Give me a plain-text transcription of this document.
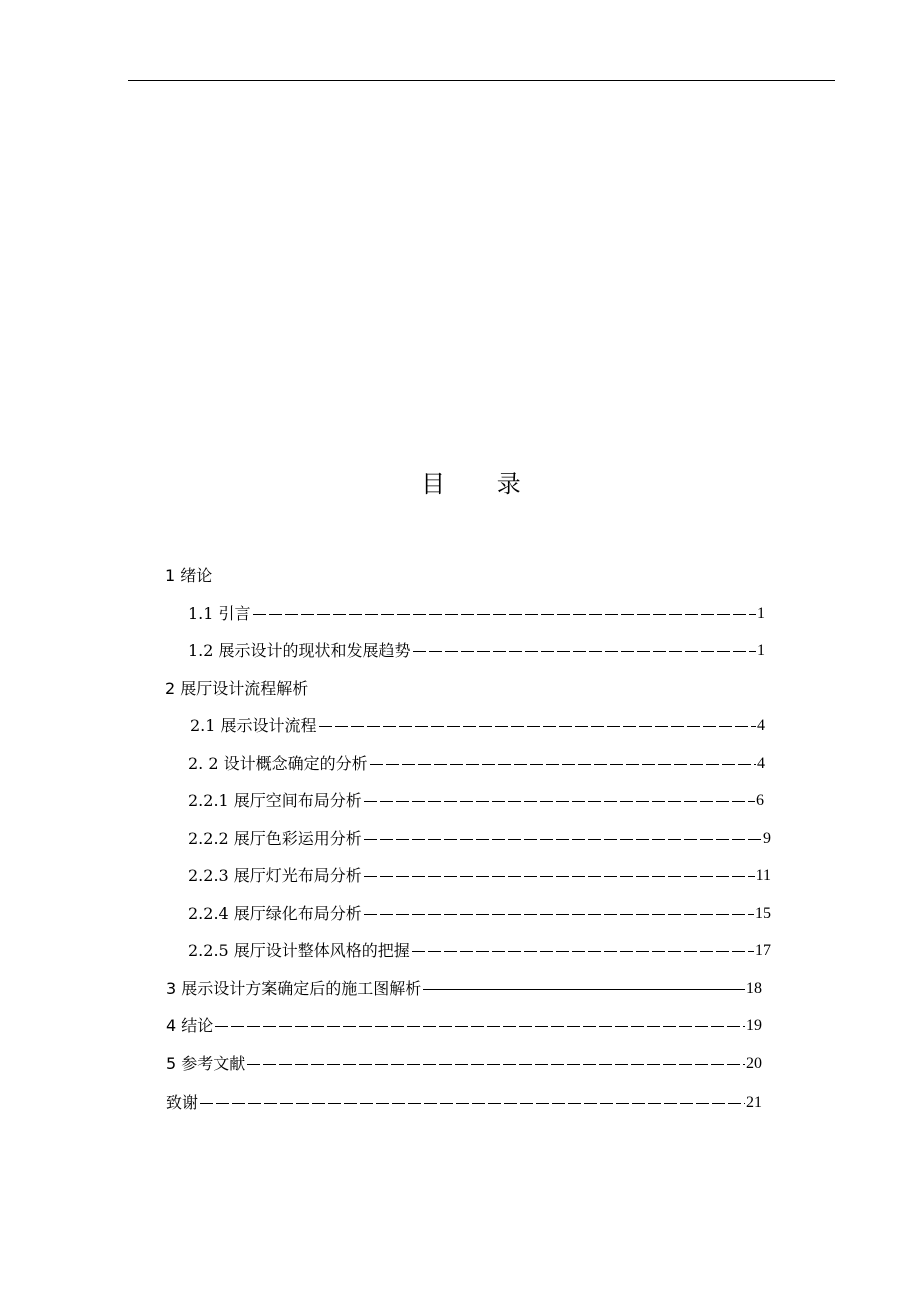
目 录
1 绪论
1.1 引言	1
1.2 展示设计的现状和发展趋势	1
2 展厅设计流程解析
2.1 展示设计流程	4
2. 2 设计概念确定的分析	4
2.2.1 展厅空间布局分析	6
2.2.2 展厅色彩运用分析	9
2.2.3 展厅灯光布局分析	11
2.2.4 展厅绿化布局分析	15
2.2.5 展厅设计整体风格的把握	17
3 展示设计方案确定后的施工图解析	18
4 结论	19
5 参考文献	20
致谢	21
